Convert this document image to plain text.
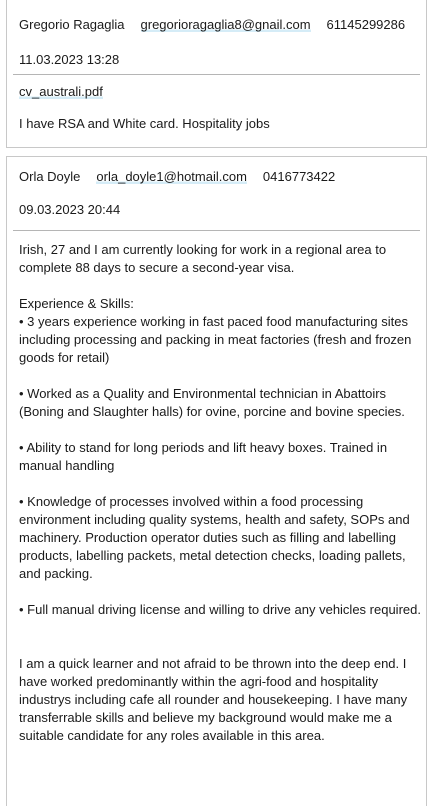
Gregorio Ragaglia gregorioragaglia8@gnail.com 61145299286
11.03.2023 13:28
cv_australi.pdf
I have RSA and White card. Hospitality jobs
Orla Doyle orla_doyle1@hotmail.com 0416773422
09.03.2023 20:44
Irish, 27 and I am currently looking for work in a regional area to
complete 88 days to secure a second-year visa.
Experience & Skills:
• 3 years experience working in fast paced food manufacturing sites
including processing and packing in meat factories (fresh and frozen
goods for retail)
• Worked as a Quality and Environmental technician in Abattoirs
(Boning and Slaughter halls) for ovine, porcine and bovine species.
• Ability to stand for long periods and lift heavy boxes. Trained in
manual handling
• Knowledge of processes involved within a food processing
environment including quality systems, health and safety, SOPs and
machinery. Production operator duties such as filling and labelling
products, labelling packets, metal detection checks, loading pallets,
and packing.
• Full manual driving license and willing to drive any vehicles required.
I am a quick learner and not afraid to be thrown into the deep end. I
have worked predominantly within the agri-food and hospitality
industrys including cafe all rounder and housekeeping. I have many
transferrable skills and believe my background would make me a
suitable candidate for any roles available in this area.
